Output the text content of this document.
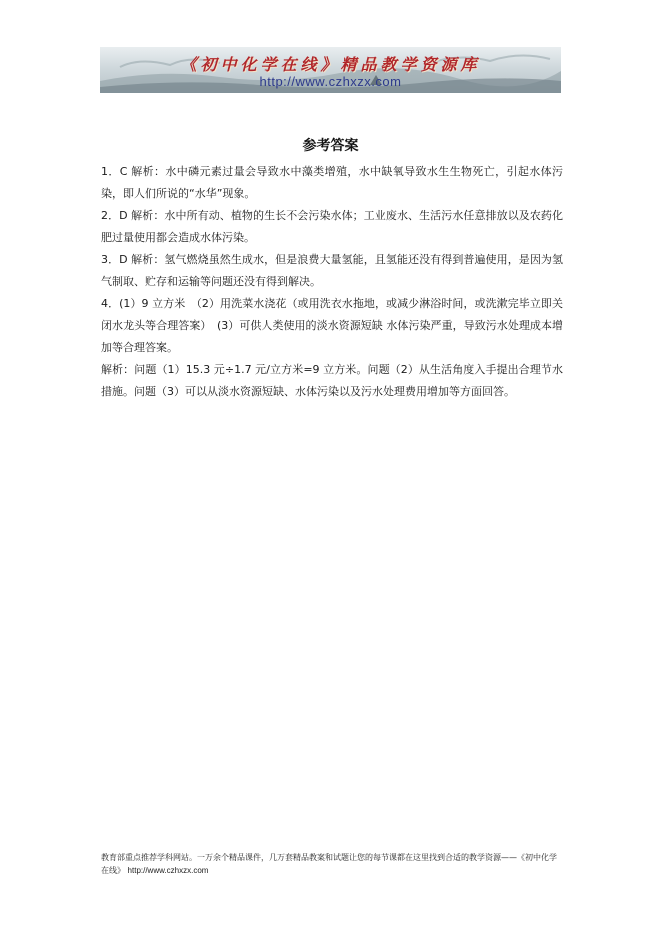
《初中化学在线》精品教学资源库
http://www.czhxzx.com
参考答案

1．C 解析：水中磷元素过量会导致水中藻类增殖，水中缺氧导致水生生物死亡，引起水体污染，即人们所说的“水华”现象。

2．D 解析：水中所有动、植物的生长不会污染水体；工业废水、生活污水任意排放以及农药化肥过量使用都会造成水体污染。

3．D 解析：氢气燃烧虽然生成水，但是浪费大量氢能，且氢能还没有得到普遍使用，是因为氢气制取、贮存和运输等问题还没有得到解决。

4．(1）9 立方米　（2）用洗菜水浇花（或用洗衣水拖地，或减少淋浴时间，或洗漱完毕立即关闭水龙头等合理答案）　(3）可供人类使用的淡水资源短缺 水体污染严重，导致污水处理成本增加等合理答案。

解析：问题（1）15.3 元÷1.7 元/立方米=9 立方米。问题（2）从生活角度入手提出合理节水措施。问题（3）可以从淡水资源短缺、水体污染以及污水处理费用增加等方面回答。

教育部重点推荐学科网站。一万余个精品课件，几万套精品教案和试题让您的每节课都在这里找到合适的教学资源——《初中化学在线》 http://www.czhxzx.com
